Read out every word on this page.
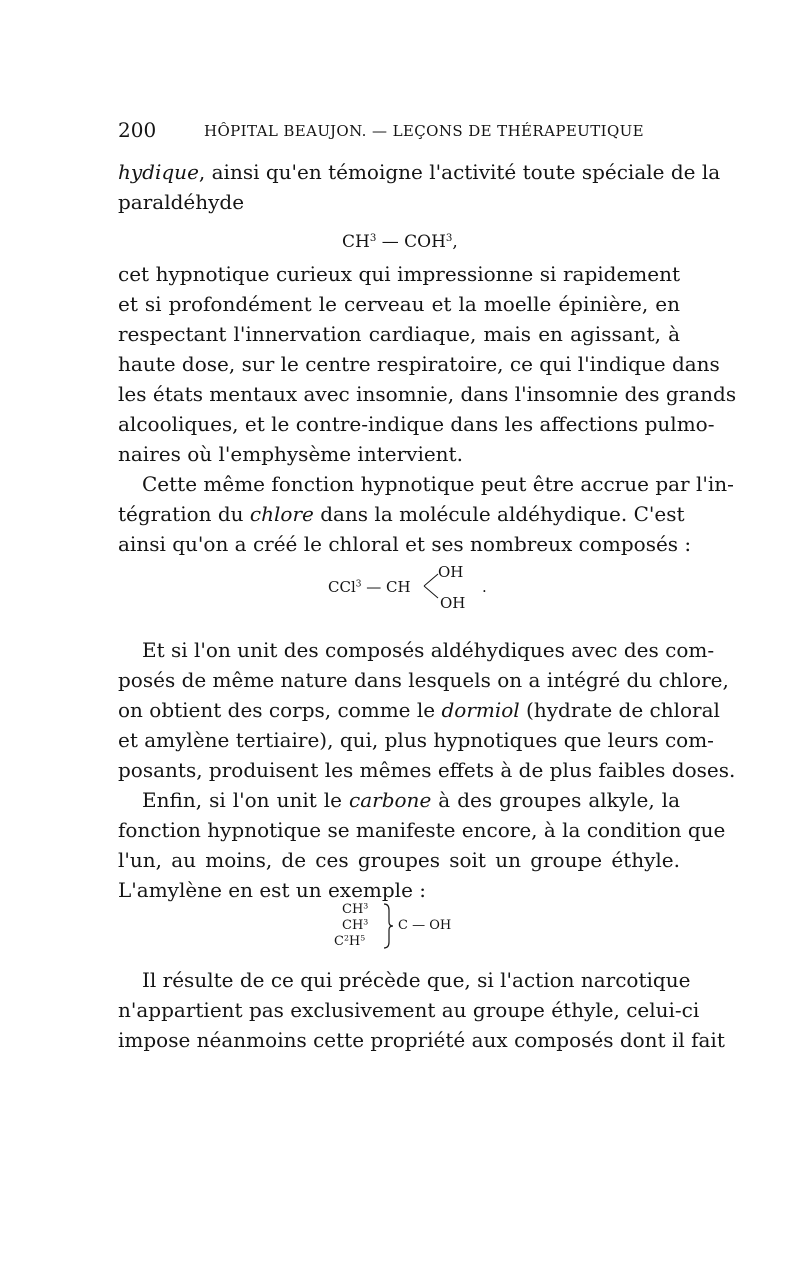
200	HÔPITAL BEAUJON. — LEÇONS DE THÉRAPEUTIQUE
hydique, ainsi qu'en témoigne l'activité toute spéciale de la
paraldéhyde
$CH^3$ — COH$^3$,
cet hypnotique curieux qui impressionne si rapidement
et si profondément le cerveau et la moelle épinière, en
respectant l'innervation cardiaque, mais en agissant, à
haute dose, sur le centre respiratoire, ce qui l'indique dans
les états mentaux avec insomnie, dans l'insomnie des grands
alcooliques, et le contre-indique dans les affections pulmo-
naires où l'emphysème intervient.
Cette même fonction hypnotique peut être accrue par l'in-
tégration du chlore dans la molécule aldéhydique. C'est
ainsi qu'on a créé le chloral et ses nombreux composés :
CCl$^3$ — CH
OH
OH
.
Et si l'on unit des composés aldéhydiques avec des com-
posés de même nature dans lesquels on a intégré du chlore,
on obtient des corps, comme le dormiol (hydrate de chloral
et amylène tertiaire), qui, plus hypnotiques que leurs com-
posants, produisent les mêmes effets à de plus faibles doses.
Enfin, si l'on unit le carbone à des groupes alkyle, la
fonction hypnotique se manifeste encore, à la condition que
l'un, au moins, de ces groupes soit un groupe éthyle.
L'amylène en est un exemple :
$CH^3$
$CH^3$
$C^2H^5$
C — OH
Il résulte de ce qui précède que, si l'action narcotique
n'appartient pas exclusivement au groupe éthyle, celui-ci
impose néanmoins cette propriété aux composés dont il fait
